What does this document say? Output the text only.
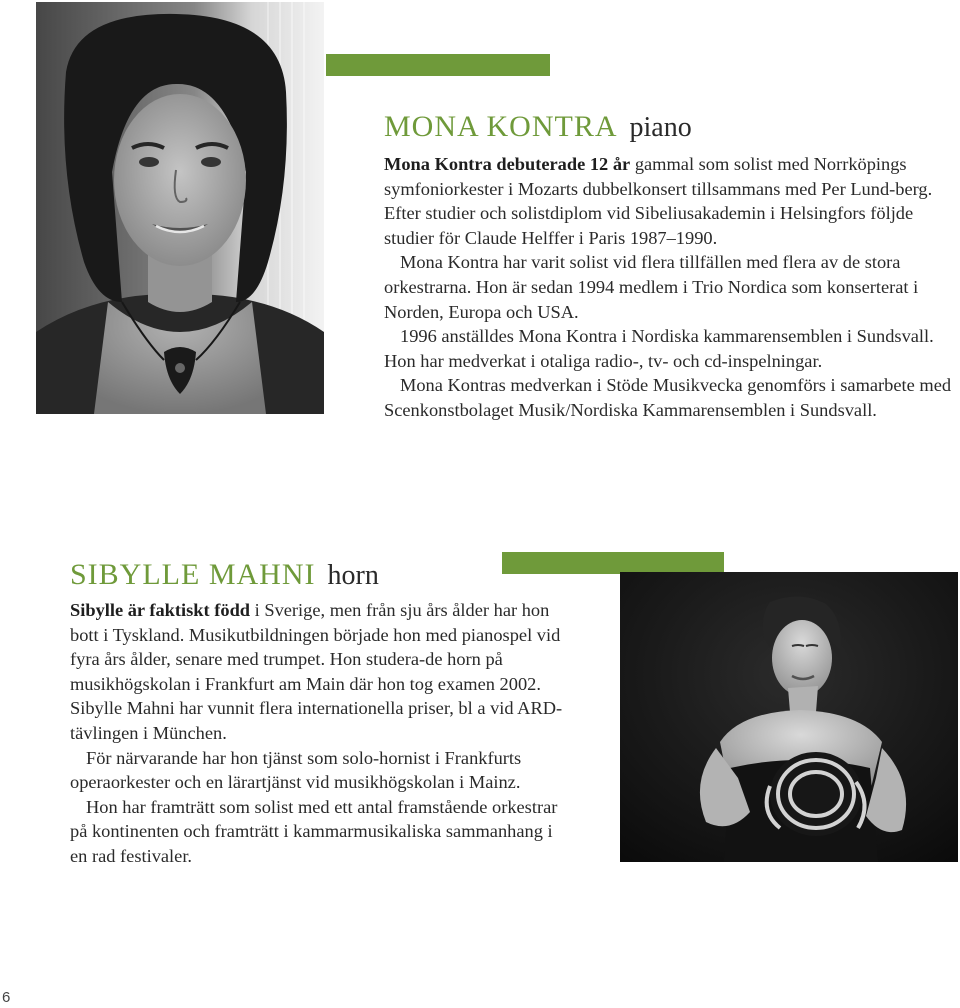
MONA KONTRA piano

Mona Kontra debuterade 12 år gammal som solist med Norrköpings symfoniorkester i Mozarts dubbelkonsert tillsammans med Per Lund-berg. Efter studier och solistdiplom vid Sibeliusakademin i Helsingfors följde studier för Claude Helffer i Paris 1987–1990.

Mona Kontra har varit solist vid flera tillfällen med flera av de stora orkestrarna. Hon är sedan 1994 medlem i Trio Nordica som konserterat i Norden, Europa och USA.

1996 anställdes Mona Kontra i Nordiska kammarensemblen i Sundsvall. Hon har medverkat i otaliga radio-, tv- och cd-inspelningar.

Mona Kontras medverkan i Stöde Musikvecka genomförs i samarbete med Scenkonstbolaget Musik/Nordiska Kammarensemblen i Sundsvall.

SIBYLLE MAHNI horn

Sibylle är faktiskt född i Sverige, men från sju års ålder har hon bott i Tyskland. Musikutbildningen började hon med pianospel vid fyra års ålder, senare med trumpet. Hon studera-de horn på musikhögskolan i Frankfurt am Main där hon tog examen 2002. Sibylle Mahni har vunnit flera internationella priser, bl a vid ARD-tävlingen i München.

För närvarande har hon tjänst som solo-hornist i Frankfurts operaorkester och en lärartjänst vid musikhögskolan i Mainz.

Hon har framträtt som solist med ett antal framstående orkestrar på kontinenten och framträtt i kammarmusikaliska sammanhang i en rad festivaler.

6
